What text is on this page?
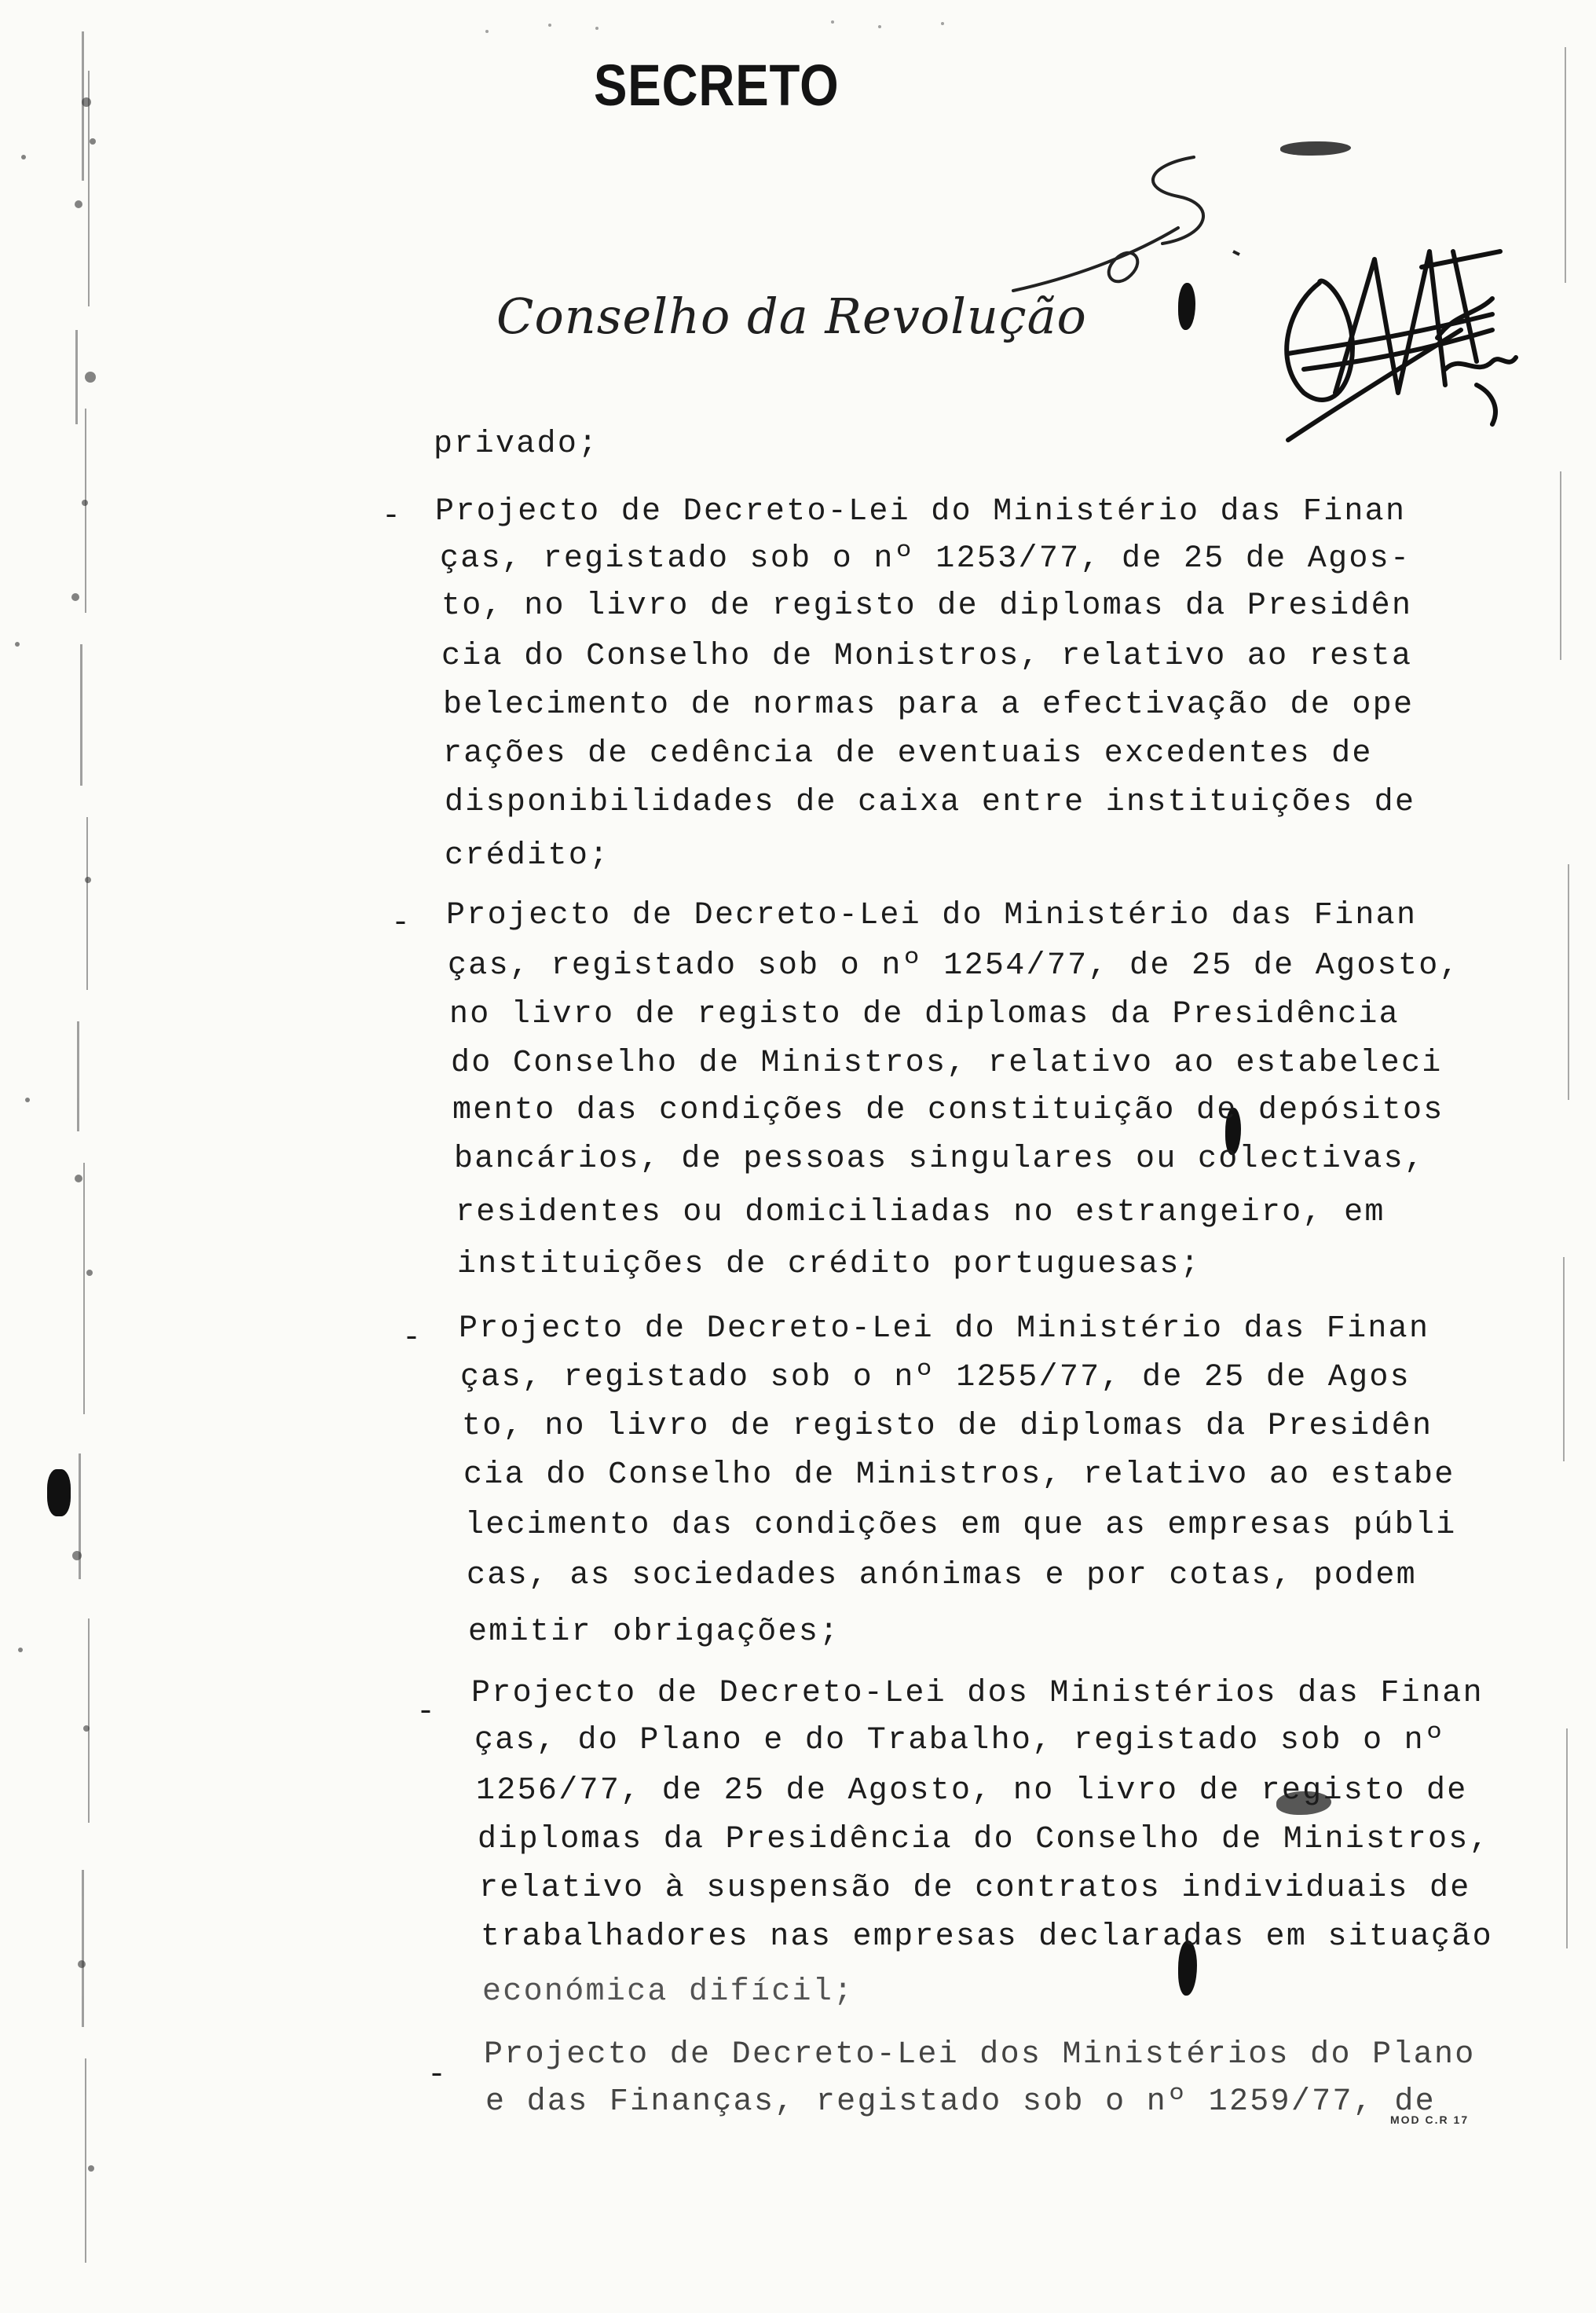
SECRETO
Conselho da Revolução
privado;
- Projecto de Decreto-Lei do Ministério das Finan
ças, registado sob o nº 1253/77, de 25 de Agos-
to, no livro de registo de diplomas da Presidên
cia do Conselho de Monistros, relativo ao resta
belecimento de normas para a efectivação de ope
rações de cedência de eventuais excedentes de
disponibilidades de caixa entre instituições de
crédito;
- Projecto de Decreto-Lei do Ministério das Finan
ças, registado sob o nº 1254/77, de 25 de Agosto,
no livro de registo de diplomas da Presidência
do Conselho de Ministros, relativo ao estabeleci
mento das condições de constituição de depósitos
bancários, de pessoas singulares ou colectivas,
residentes ou domiciliadas no estrangeiro, em
instituições de crédito portuguesas;
- Projecto de Decreto-Lei do Ministério das Finan
ças, registado sob o nº 1255/77, de 25 de Agos
to, no livro de registo de diplomas da Presidên
cia do Conselho de Ministros, relativo ao estabe
lecimento das condições em que as empresas públi
cas, as sociedades anónimas e por cotas, podem
emitir obrigações;
-
Projecto de Decreto-Lei dos Ministérios das Finan
ças, do Plano e do Trabalho, registado sob o nº
1256/77, de 25 de Agosto, no livro de registo de
diplomas da Presidência do Conselho de Ministros,
relativo à suspensão de contratos individuais de
trabalhadores nas empresas declaradas em situação
económica difícil;
-
Projecto de Decreto-Lei dos Ministérios do Plano
e das Finanças, registado sob o nº 1259/77, de
MOD C.R 17
